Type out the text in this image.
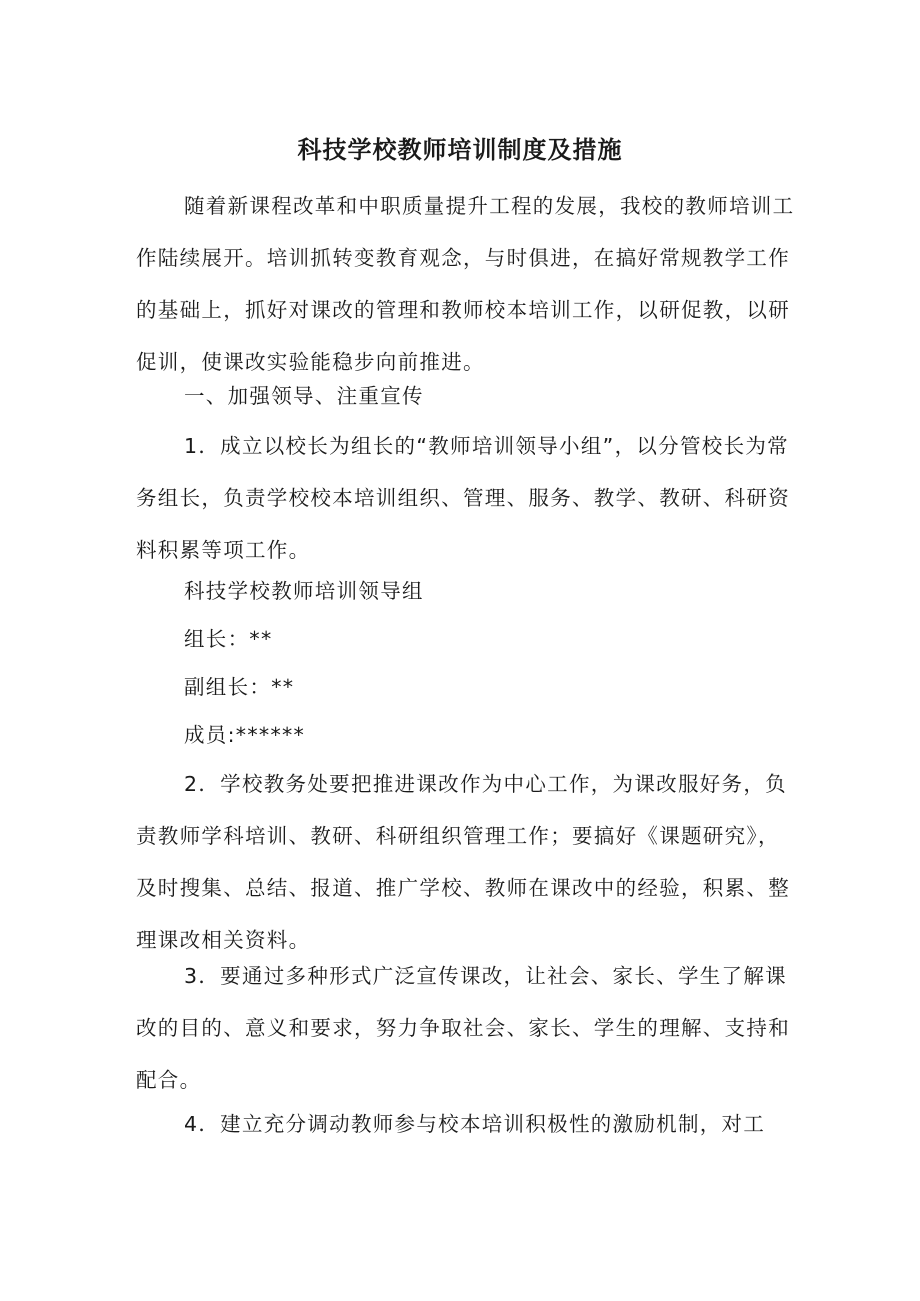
科技学校教师培训制度及措施

随着新课程改革和中职质量提升工程的发展，我校的教师培训工作陆续展开。培训抓转变教育观念，与时俱进，在搞好常规教学工作的基础上，抓好对课改的管理和教师校本培训工作，以研促教，以研促训，使课改实验能稳步向前推进。

一、加强领导、注重宣传

1．成立以校长为组长的“教师培训领导小组”，以分管校长为常务组长，负责学校校本培训组织、管理、服务、教学、教研、科研资料积累等项工作。

科技学校教师培训领导组

组长：**

副组长：**

成员:******

2．学校教务处要把推进课改作为中心工作，为课改服好务，负责教师学科培训、教研、科研组织管理工作；要搞好《课题研究》，及时搜集、总结、报道、推广学校、教师在课改中的经验，积累、整理课改相关资料。

3．要通过多种形式广泛宣传课改，让社会、家长、学生了解课改的目的、意义和要求，努力争取社会、家长、学生的理解、支持和配合。

4．建立充分调动教师参与校本培训积极性的激励机制，对工
